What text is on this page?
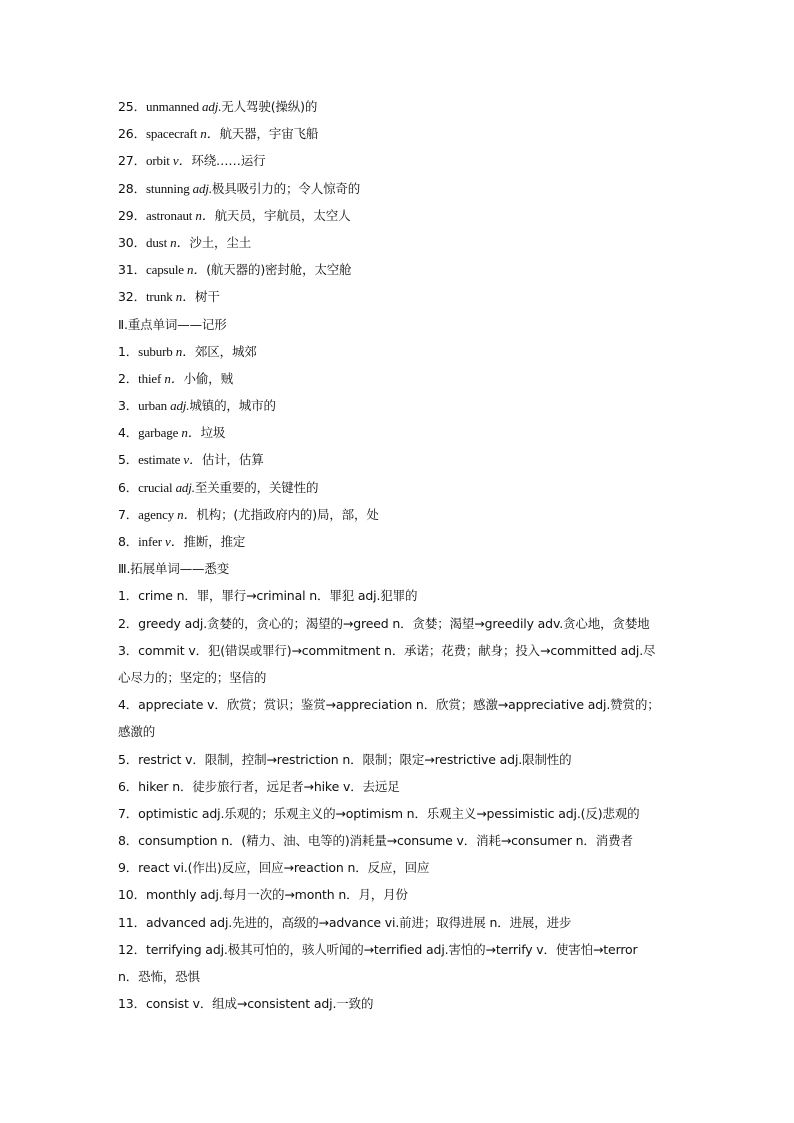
25．unmanned adj.无人驾驶(操纵)的
26．spacecraft n．航天器，宇宙飞船
27．orbit v．环绕……运行
28．stunning adj.极具吸引力的；令人惊奇的
29．astronaut n．航天员，宇航员，太空人
30．dust n．沙土，尘土
31．capsule n．(航天器的)密封舱，太空舱
32．trunk n．树干
Ⅱ.重点单词——记形
1．suburb n．郊区，城郊
2．thief n．小偷，贼
3．urban adj.城镇的，城市的
4．garbage n．垃圾
5．estimate v．估计，估算
6．crucial adj.至关重要的，关键性的
7．agency n．机构；(尤指政府内的)局，部，处
8．infer v．推断，推定
Ⅲ.拓展单词——悉变
1．crime n．罪，罪行→criminal n．罪犯 adj.犯罪的
2．greedy adj.贪婪的，贪心的；渴望的→greed n．贪婪；渴望→greedily adv.贪心地，贪婪地
3．commit v．犯(错误或罪行)→commitment n．承诺；花费；献身；投入→committed adj.尽
心尽力的；坚定的；坚信的
4．appreciate v．欣赏；赏识；鉴赏→appreciation n．欣赏；感激→appreciative adj.赞赏的；
感激的
5．restrict v．限制，控制→restriction n．限制；限定→restrictive adj.限制性的
6．hiker n．徒步旅行者，远足者→hike v．去远足
7．optimistic adj.乐观的；乐观主义的→optimism n．乐观主义→pessimistic adj.(反)悲观的
8．consumption n．(精力、油、电等的)消耗量→consume v．消耗→consumer n．消费者
9．react vi.(作出)反应，回应→reaction n．反应，回应
10．monthly adj.每月一次的→month n．月，月份
11．advanced adj.先进的，高级的→advance vi.前进；取得进展 n．进展，进步
12．terrifying adj.极其可怕的，骇人听闻的→terrified adj.害怕的→terrify v．使害怕→terror
n．恐怖，恐惧
13．consist v．组成→consistent adj.一致的
